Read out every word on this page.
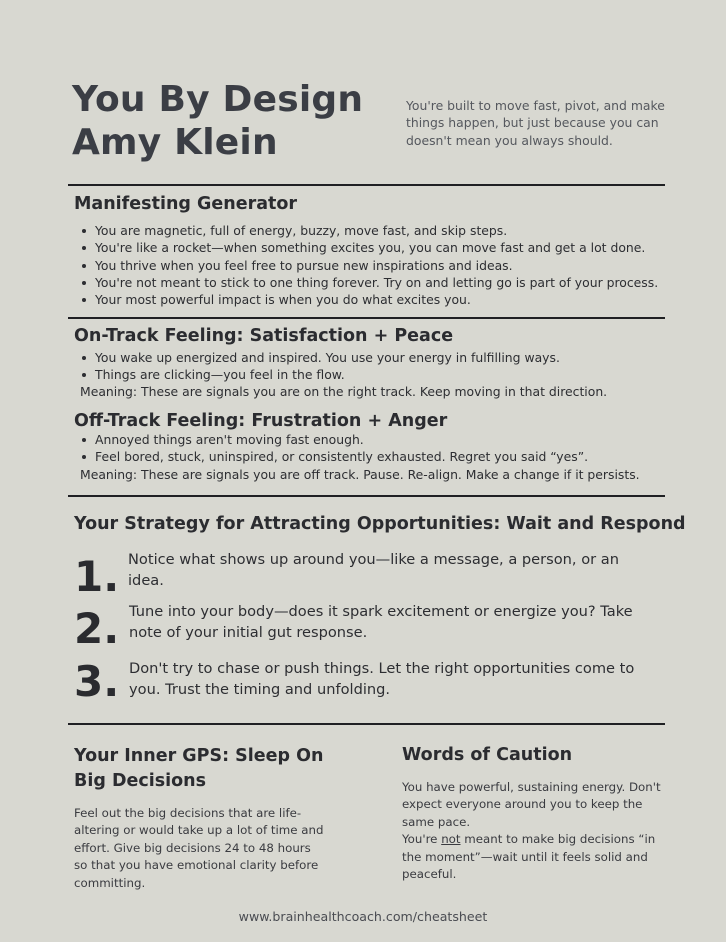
You By Design
Amy Klein
You're built to move fast, pivot, and make things happen, but just because you can doesn't mean you always should.
Manifesting Generator
You are magnetic, full of energy, buzzy, move fast, and skip steps.
You're like a rocket—when something excites you, you can move fast and get a lot done.
You thrive when you feel free to pursue new inspirations and ideas.
You're not meant to stick to one thing forever. Try on and letting go is part of your process.
Your most powerful impact is when you do what excites you.
On-Track Feeling: Satisfaction + Peace
You wake up energized and inspired. You use your energy in fulfilling ways.
Things are clicking—you feel in the flow.
Meaning: These are signals you are on the right track. Keep moving in that direction.
Off-Track Feeling: Frustration + Anger
Annoyed things aren't moving fast enough.
Feel bored, stuck, uninspired, or consistently exhausted. Regret you said “yes”.
Meaning: These are signals you are off track. Pause. Re-align. Make a change if it persists.
Your Strategy for Attracting Opportunities: Wait and Respond
1. Notice what shows up around you—like a message, a person, or an idea.
2. Tune into your body—does it spark excitement or energize you? Take note of your initial gut response.
3. Don't try to chase or push things. Let the right opportunities come to you. Trust the timing and unfolding.
Your Inner GPS: Sleep On Big Decisions
Feel out the big decisions that are life-altering or would take up a lot of time and effort. Give big decisions 24 to 48 hours so that you have emotional clarity before committing.
Words of Caution
You have powerful, sustaining energy. Don't expect everyone around you to keep the same pace.
You're not meant to make big decisions “in the moment”—wait until it feels solid and peaceful.
www.brainhealthcoach.com/cheatsheet
